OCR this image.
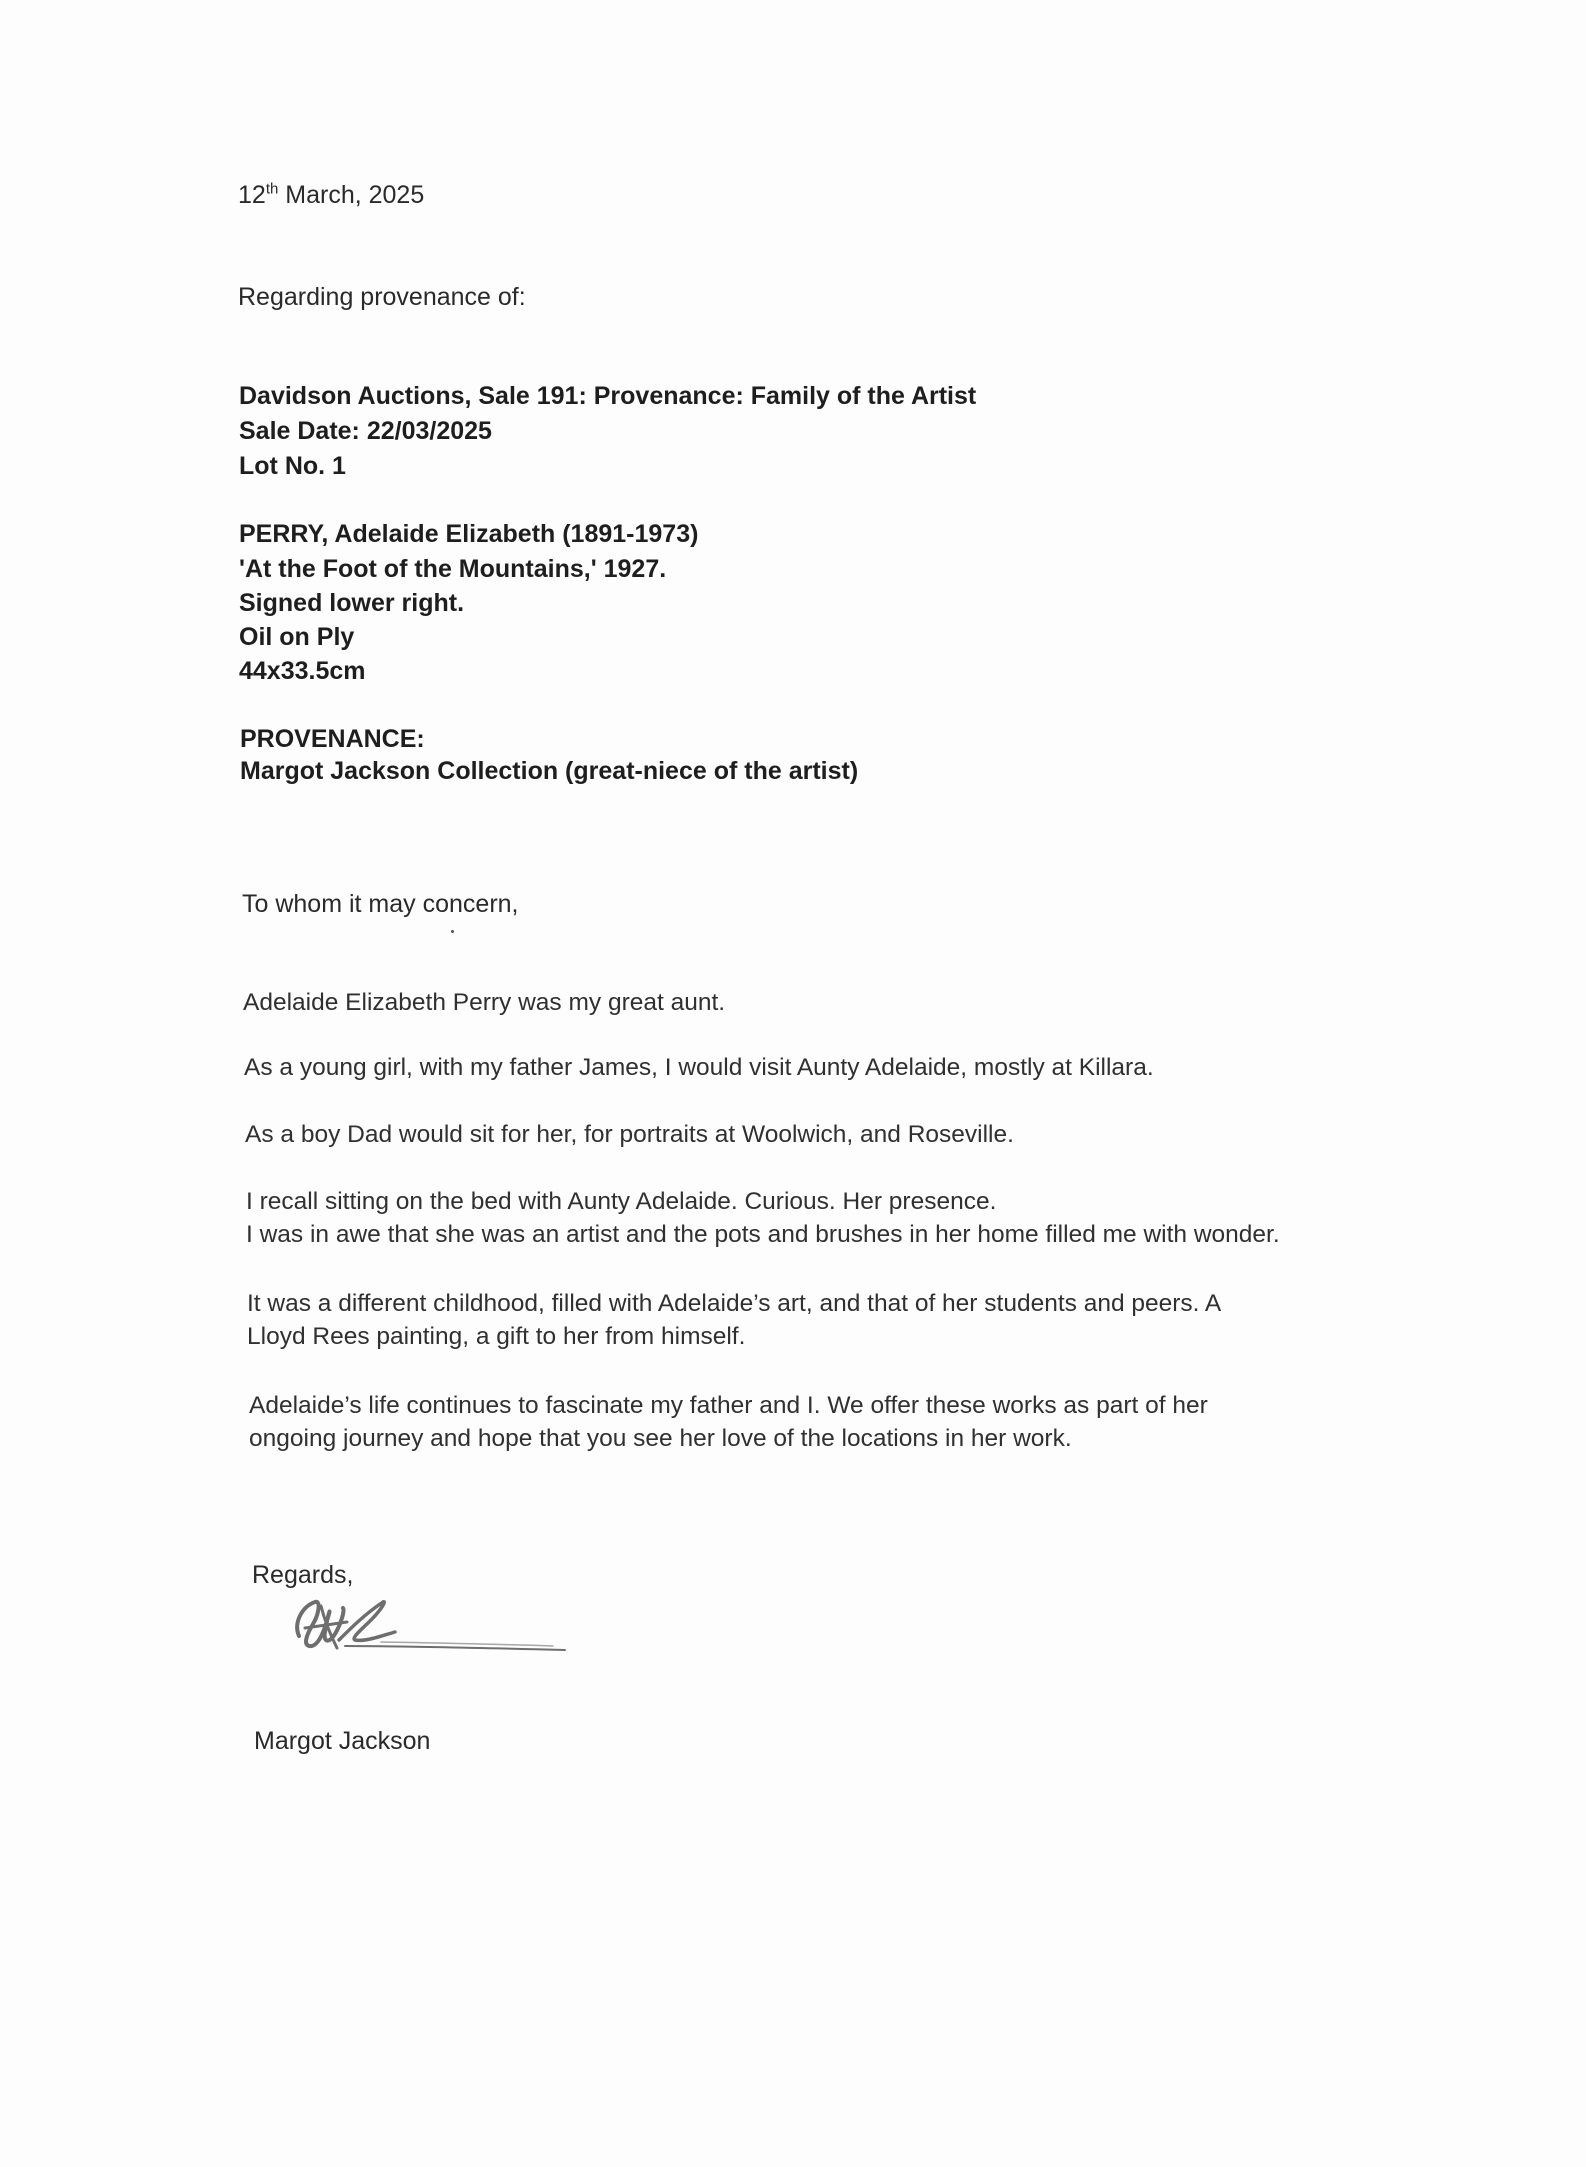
12th March, 2025

Regarding provenance of:

Davidson Auctions, Sale 191: Provenance: Family of the Artist

Sale Date: 22/03/2025

Lot No. 1

PERRY, Adelaide Elizabeth (1891-1973)

'At the Foot of the Mountains,' 1927.

Signed lower right.

Oil on Ply

44x33.5cm

PROVENANCE:

Margot Jackson Collection (great-niece of the artist)

To whom it may concern,

Adelaide Elizabeth Perry was my great aunt.

As a young girl, with my father James, I would visit Aunty Adelaide, mostly at Killara.

As a boy Dad would sit for her, for portraits at Woolwich, and Roseville.

I recall sitting on the bed with Aunty Adelaide. Curious. Her presence.

I was in awe that she was an artist and the pots and brushes in her home filled me with wonder.

It was a different childhood, filled with Adelaide’s art, and that of her students and peers. A

Lloyd Rees painting, a gift to her from himself.

Adelaide’s life continues to fascinate my father and I. We offer these works as part of her

ongoing journey and hope that you see her love of the locations in her work.

Regards,

Margot Jackson
